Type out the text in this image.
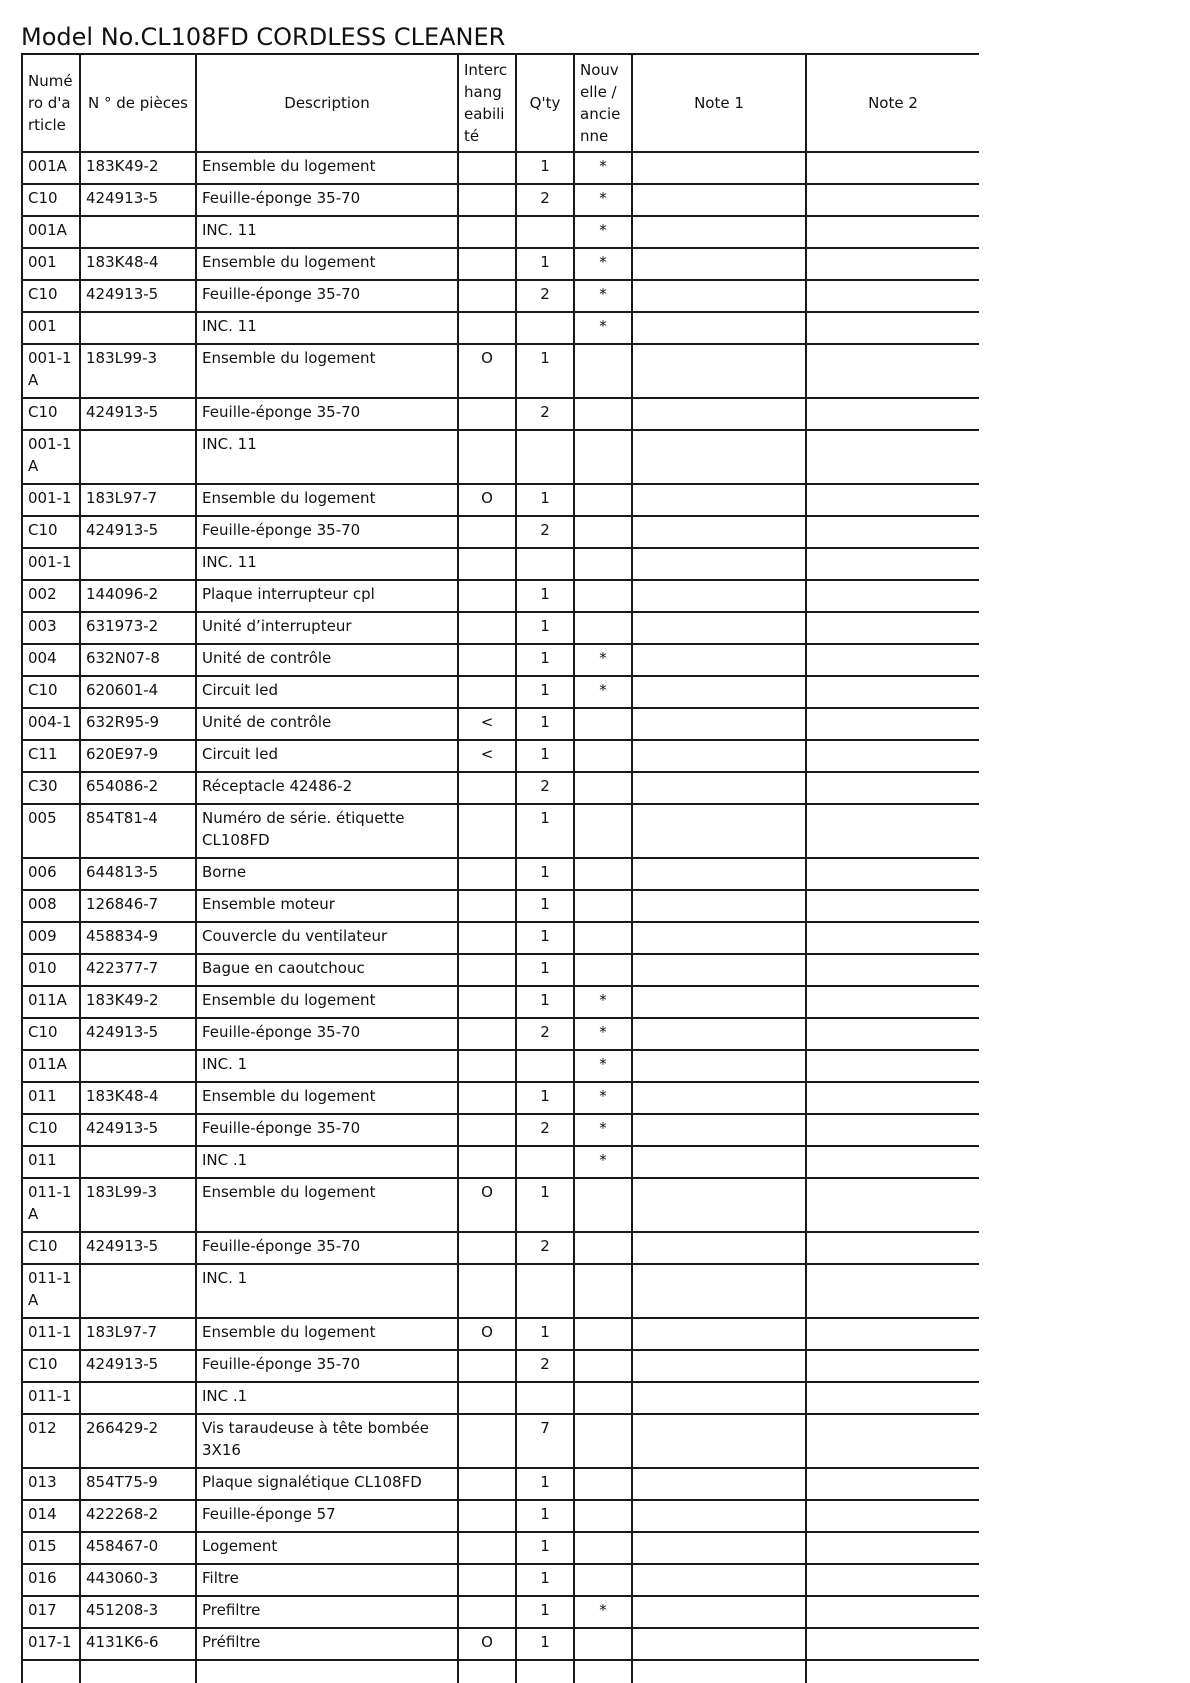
Model No.CL108FD CORDLESS CLEANER
Numéro d'article	N ° de pièces	Description	Interchangeabilité	Q'ty	Nouvelle / ancienne	Note 1	Note 2
001A	183K49-2	Ensemble du logement		1	*		
C10	424913-5	Feuille-éponge 35-70		2	*		
001A		INC. 11			*		
001	183K48-4	Ensemble du logement		1	*		
C10	424913-5	Feuille-éponge 35-70		2	*		
001		INC. 11			*		
001-1A	183L99-3	Ensemble du logement	O	1			
C10	424913-5	Feuille-éponge 35-70		2			
001-1A		INC. 11					
001-1	183L97-7	Ensemble du logement	O	1			
C10	424913-5	Feuille-éponge 35-70		2			
001-1		INC. 11					
002	144096-2	Plaque interrupteur cpl		1			
003	631973-2	Unité d’interrupteur		1			
004	632N07-8	Unité de contrôle		1	*		
C10	620601-4	Circuit led		1	*		
004-1	632R95-9	Unité de contrôle	<	1			
C11	620E97-9	Circuit led	<	1			
C30	654086-2	Réceptacle 42486-2		2			
005	854T81-4	Numéro de série. étiquette CL108FD		1			
006	644813-5	Borne		1			
008	126846-7	Ensemble moteur		1			
009	458834-9	Couvercle du ventilateur		1			
010	422377-7	Bague en caoutchouc		1			
011A	183K49-2	Ensemble du logement		1	*		
C10	424913-5	Feuille-éponge 35-70		2	*		
011A		INC. 1			*		
011	183K48-4	Ensemble du logement		1	*		
C10	424913-5	Feuille-éponge 35-70		2	*		
011		INC .1			*		
011-1A	183L99-3	Ensemble du logement	O	1			
C10	424913-5	Feuille-éponge 35-70		2			
011-1A		INC. 1					
011-1	183L97-7	Ensemble du logement	O	1			
C10	424913-5	Feuille-éponge 35-70		2			
011-1		INC .1					
012	266429-2	Vis taraudeuse à tête bombée 3X16		7			
013	854T75-9	Plaque signalétique CL108FD		1			
014	422268-2	Feuille-éponge 57		1			
015	458467-0	Logement		1			
016	443060-3	Filtre		1			
017	451208-3	Prefiltre		1	*		
017-1	4131K6-6	Préfiltre	O	1			
